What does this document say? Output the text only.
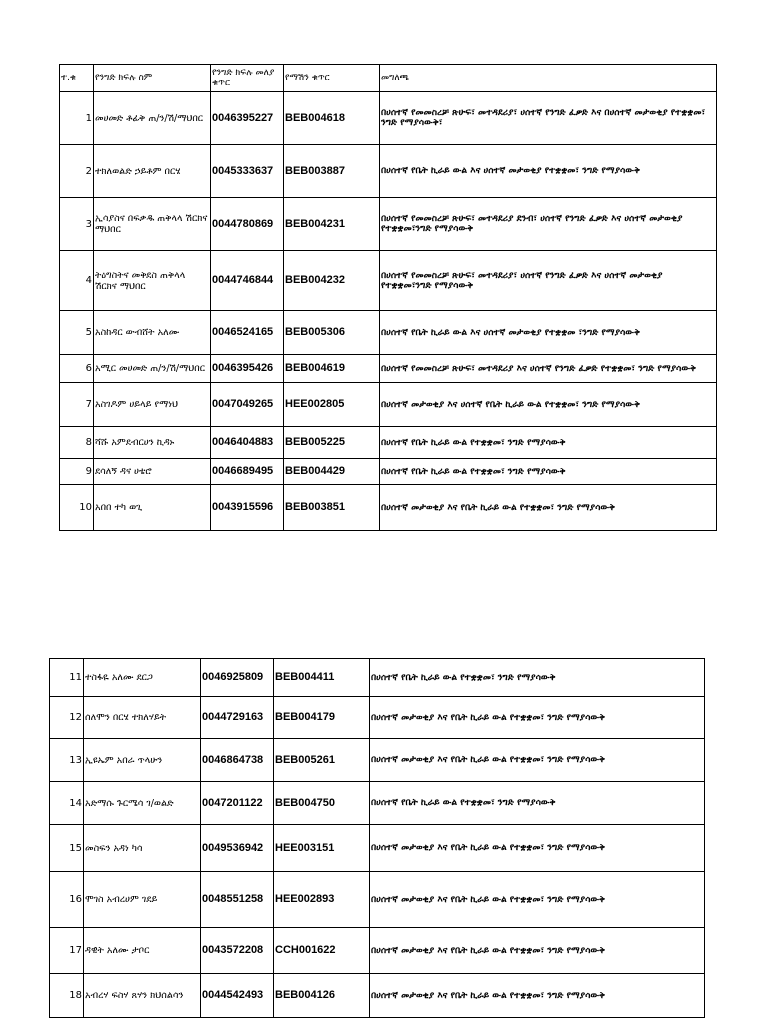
ተ.ቁ	የንግድ ክፍሉ ስም	የንግድ ክፍሉ መለያ ቁጥር	የማሽን ቁጥር	መግለጫ
1	መሀመድ ቶፊቅ ጠ/ን/ሽ/ማህበር	0046395227	BEB004618	በሀሰተኛ የመመስረቻ ጽሁፍ፣ መተዳደሪያ፣ ሀሰተኛ የንግድ ፈቃድ እና በሀሰተኛ መታወቂያ የተቋቋመ፣ ንግድ የማያሳውቅ፣
2	ተክለወልድ ኃይቶም በርሄ	0045333637	BEB003887	በሀሰተኛ የቤት ኪራይ ውል እና ሀሰተኛ መታወቂያ የተቋቋመ፣ ንግድ የማያሳውቅ
3	ኢሳያስና በፍቃዱ ጠቅላላ ሽርክና ማህበር	0044780869	BEB004231	በሀሰተኛ የመመስረቻ ጽሁፍ፣ መተዳደሪያ ደንብ፣ ሀሰተኛ የንግድ ፈቃድ እና ሀሰተኛ መታወቂያ የተቋቋመ፣ንግድ የማያሳውቅ
4	ትዕግስትና መቅደስ ጠቅላላ ሽርክና ማህበር	0044746844	BEB004232	በሀሰተኛ የመመስረቻ ጽሁፍ፣ መተዳደሪያ፣ ሀሰተኛ የንግድ ፈቃድ እና ሀሰተኛ መታወቂያ የተቋቋመ፣ንግድ የማያሳውቅ
5	አስከዳር ውብሸት አለሙ	0046524165	BEB005306	በሀሰተኛ የቤት ኪራይ ውል እና ሀሰተኛ መታወቂያ የተቋቋመ ፣ንግድ የማያሳውቅ
6	አሚር መሀመድ ጠ/ን/ሽ/ማህበር	0046395426	BEB004619	በሀሰተኛ የመመስረቻ ጽሁፍ፣ መተዳደሪያ እና ሀሰተኛ የንግድ ፈቃድ የተቋቋመ፣ ንግድ የማያሳውቅ
7	አስገዶም ሀይላይ የማነህ	0047049265	HEE002805	በሀሰተኛ መታወቂያ እና ሀሰተኛ የቤት ኪራይ ውል የተቋቋመ፣ ንግድ የማያሳውቅ
8	ሻሹ አምደብርሀን ኪዳኑ	0046404883	BEB005225	በሀሰተኛ የቤት ኪራይ ውል የተቋቋመ፣ ንግድ የማያሳውቅ
9	ደሳለኝ ዳና ሀቴሮ	0046689495	BEB004429	በሀሰተኛ የቤት ኪራይ ውል የተቋቋመ፣ ንግድ የማያሳውቅ
10	አበበ ተካ ወጊ	0043915596	BEB003851	በሀሰተኛ መታወቂያ እና የቤት ኪራይ ውል የተቋቋመ፣ ንግድ የማያሳውቅ
11	ተስፋዬ አለሙ ደርጋ	0046925809	BEB004411	በሀሰተኛ የቤት ኪራይ ውል የተቋቋመ፣ ንግድ የማያሳውቅ
12	ሰለሞን በርሄ ተክለሃይት	0044729163	BEB004179	በሀሰተኛ መታወቂያ እና የቤት ኪራይ ውል የተቋቋመ፣ ንግድ የማያሳውቅ
13	ኢዩኤም አበራ ጥላሁን	0046864738	BEB005261	በሀሰተኛ መታወቂያ እና የቤት ኪራይ ውል የተቋቋመ፣ ንግድ የማያሳውቅ
14	አድማሱ ጉርሜሳ ገ/ወልድ	0047201122	BEB004750	በሀሰተኛ የቤት ኪራይ ውል የተቋቋመ፣ ንግድ የማያሳውቅ
15	መስፍን አዳነ ካሳ	0049536942	HEE003151	በሀሰተኛ መታወቂያ እና የቤት ኪራይ ውል የተቋቋመ፣ ንግድ የማያሳውቅ
16	ሞገስ አብረሀም ገደይ	0048551258	HEE002893	በሀሰተኛ መታወቂያ እና የቤት ኪራይ ውል የተቋቋመ፣ ንግድ የማያሳውቅ
17	ዳዊት አለሙ ታቦር	0043572208	CCH001622	በሀሰተኛ መታወቂያ እና የቤት ኪራይ ውል የተቋቋመ፣ ንግድ የማያሳውቅ
18	አብረሃ ፍስሃ ጸሃን ክህሰልሳን	0044542493	BEB004126	በሀሰተኛ መታወቂያ እና የቤት ኪራይ ውል የተቋቋመ፣ ንግድ የማያሳውቅ
